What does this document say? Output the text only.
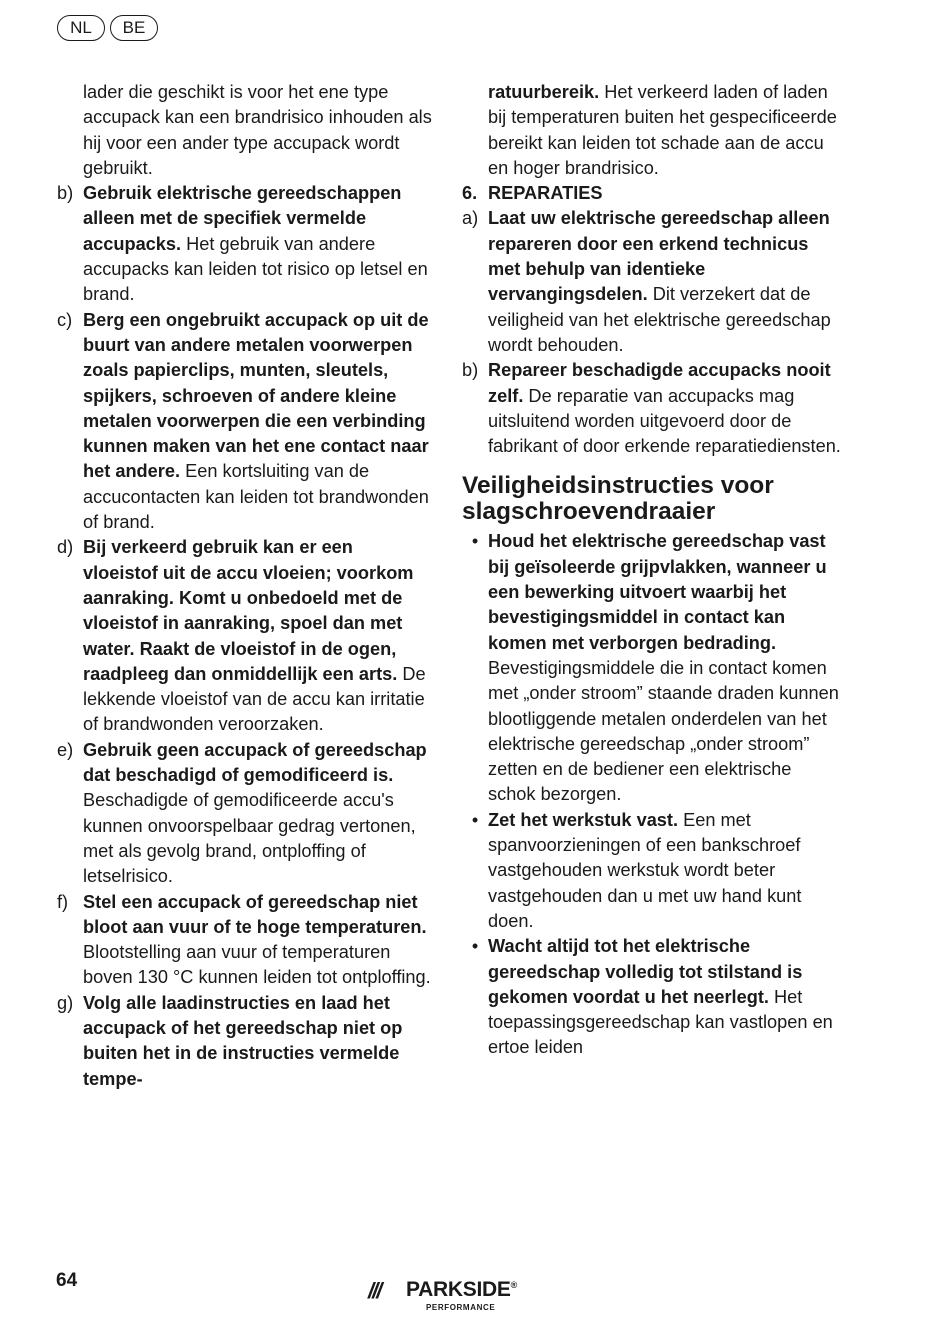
NL	BE

lader die geschikt is voor het ene type accupack kan een brandrisico inhouden als hij voor een ander type accupack wordt gebruikt.

b) Gebruik elektrische gereedschappen alleen met de specifiek vermelde accupacks. Het gebruik van andere accupacks kan leiden tot risico op letsel en brand.

c) Berg een ongebruikt accupack op uit de buurt van andere metalen voorwerpen zoals papierclips, munten, sleutels, spijkers, schroeven of andere kleine metalen voorwerpen die een verbinding kunnen maken van het ene contact naar het andere. Een kortsluiting van de accucontacten kan leiden tot brandwonden of brand.

d) Bij verkeerd gebruik kan er een vloeistof uit de accu vloeien; voorkom aanraking. Komt u onbedoeld met de vloeistof in aanraking, spoel dan met water. Raakt de vloeistof in de ogen, raadpleeg dan onmiddellijk een arts. De lekkende vloeistof van de accu kan irritatie of brandwonden veroorzaken.

e) Gebruik geen accupack of gereedschap dat beschadigd of gemodificeerd is. Beschadigde of gemodificeerde accu's kunnen onvoorspelbaar gedrag vertonen, met als gevolg brand, ontploffing of letselrisico.

f) Stel een accupack of gereedschap niet bloot aan vuur of te hoge temperaturen. Blootstelling aan vuur of temperaturen boven 130 °C kunnen leiden tot ontploffing.

g) Volg alle laadinstructies en laad het accupack of het gereedschap niet op buiten het in de instructies vermelde tempe-

ratuurbereik. Het verkeerd laden of laden bij temperaturen buiten het gespecificeerde bereikt kan leiden tot schade aan de accu en hoger brandrisico.

6. REPARATIES
a) Laat uw elektrische gereedschap alleen repareren door een erkend technicus met behulp van identieke vervangingsdelen. Dit verzekert dat de veiligheid van het elektrische gereedschap wordt behouden.

b) Repareer beschadigde accupacks nooit zelf. De reparatie van accupacks mag uitsluitend worden uitgevoerd door de fabrikant of door erkende reparatiediensten.

Veiligheidsinstructies voor slagschroevendraaier
• Houd het elektrische gereedschap vast bij geïsoleerde grijpvlakken, wanneer u een bewerking uitvoert waarbij het bevestigingsmiddel in contact kan komen met verborgen bedrading. Bevestigingsmiddele die in contact komen met „onder stroom” staande draden kunnen blootliggende metalen onderdelen van het elektrische gereedschap „onder stroom” zetten en de bediener een elektrische schok bezorgen.

• Zet het werkstuk vast. Een met spanvoorzieningen of een bankschroef vastgehouden werkstuk wordt beter vastgehouden dan u met uw hand kunt doen.

• Wacht altijd tot het elektrische gereedschap volledig tot stilstand is gekomen voordat u het neerlegt. Het toepassingsgereedschap kan vastlopen en ertoe leiden

64	/// PARKSIDE®
PERFORMANCE
